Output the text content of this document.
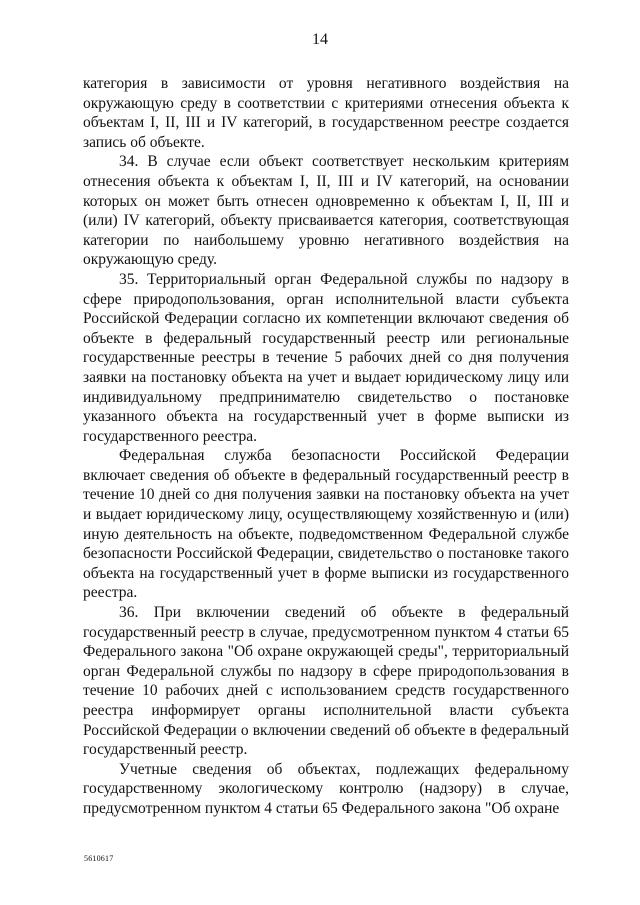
14

категория в зависимости от уровня негативного воздействия на окружающую среду в соответствии с критериями отнесения объекта к объектам I, II, III и IV категорий, в государственном реестре создается запись об объекте.

34. В случае если объект соответствует нескольким критериям отнесения объекта к объектам I, II, III и IV категорий, на основании которых он может быть отнесен одновременно к объектам I, II, III и (или) IV категорий, объекту присваивается категория, соответствующая категории по наибольшему уровню негативного воздействия на окружающую среду.

35. Территориальный орган Федеральной службы по надзору в сфере природопользования, орган исполнительной власти субъекта Российской Федерации согласно их компетенции включают сведения об объекте в федеральный государственный реестр или региональные государственные реестры в течение 5 рабочих дней со дня получения заявки на постановку объекта на учет и выдает юридическому лицу или индивидуальному предпринимателю свидетельство о постановке указанного объекта на государственный учет в форме выписки из государственного реестра.

Федеральная служба безопасности Российской Федерации включает сведения об объекте в федеральный государственный реестр в течение 10 дней со дня получения заявки на постановку объекта на учет и выдает юридическому лицу, осуществляющему хозяйственную и (или) иную деятельность на объекте, подведомственном Федеральной службе безопасности Российской Федерации, свидетельство о постановке такого объекта на государственный учет в форме выписки из государственного реестра.

36. При включении сведений об объекте в федеральный государственный реестр в случае, предусмотренном пунктом 4 статьи 65 Федерального закона "Об охране окружающей среды", территориальный орган Федеральной службы по надзору в сфере природопользования в течение 10 рабочих дней с использованием средств государственного реестра информирует органы исполнительной власти субъекта Российской Федерации о включении сведений об объекте в федеральный государственный реестр.

Учетные сведения об объектах, подлежащих федеральному государственному экологическому контролю (надзору) в случае, предусмотренном пунктом 4 статьи 65 Федерального закона "Об охране

5610617
